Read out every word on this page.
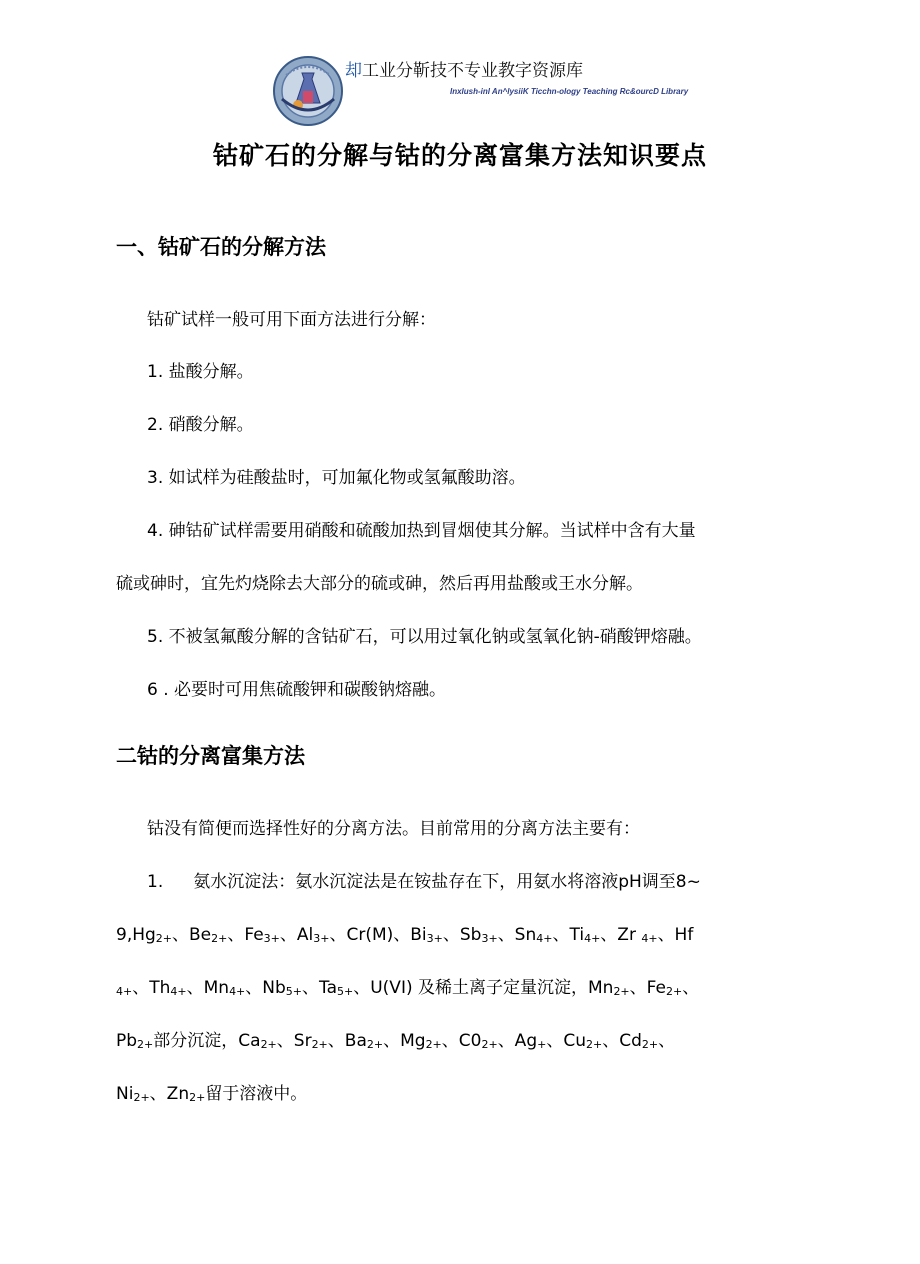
却工业分靳技不专业教字资源库
Inxlush-inl An^lysiiK Ticchn-ology Teaching Rc&ourcD Library
钴矿石的分解与钴的分离富集方法知识要点
一、钴矿石的分解方法
钴矿试样一般可用下面方法进行分解：
1. 盐酸分解。
2. 硝酸分解。
3. 如试样为硅酸盐时，可加氟化物或氢氟酸助溶。
4. 砷钴矿试样需要用硝酸和硫酸加热到冒烟使其分解。当试样中含有大量
硫或砷时，宜先灼烧除去大部分的硫或砷，然后再用盐酸或王水分解。
5. 不被氢氟酸分解的含钴矿石，可以用过氧化钠或氢氧化钠-硝酸钾熔融。
6 . 必要时可用焦硫酸钾和碳酸钠熔融。
二钴的分离富集方法
钴没有简便而选择性好的分离方法。目前常用的分离方法主要有：
1. 氨水沉淀法：氨水沉淀法是在铵盐存在下，用氨水将溶液pH调至8~
$9,Hg_{2+}$、$Be_{2+}$、$Fe_{3+}$、$Al_{3+}$、Cr(M)、$Bi_{3+}$、$Sb_{3+}$、$Sn_{4+}$、$Ti_{4+}$、Zr $_{4+}$、Hf
$_{4+}$、$Th_{4+}$、$Mn_{4+}$、$Nb_{5+}$、$Ta_{5+}$、U(VI) 及稀土离子定量沉淀，$Mn_{2+}$、$Fe_{2+}$、
$Pb_{2+}$部分沉淀，$Ca_{2+}$、$Sr_{2+}$、$Ba_{2+}$、$Mg_{2+}$、$C0_{2+}$、$Ag_+$、$Cu_{2+}$、$Cd_{2+}$、
$Ni_{2+}$、$Zn_{2+}$留于溶液中。
